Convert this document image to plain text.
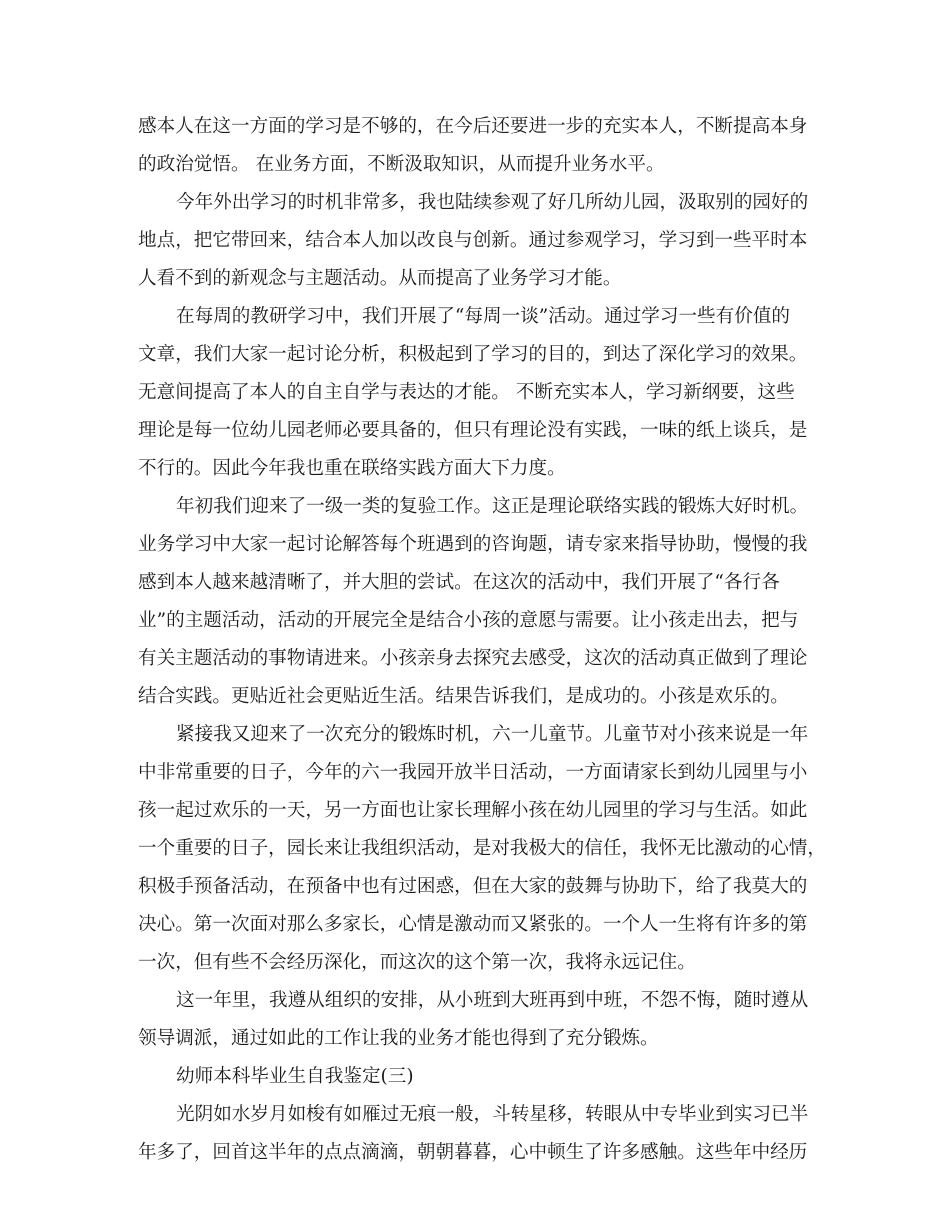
感本人在这一方面的学习是不够的，在今后还要进一步的充实本人，不断提高本身
的政治觉悟。 在业务方面，不断汲取知识，从而提升业务水平。
今年外出学习的时机非常多，我也陆续参观了好几所幼儿园，汲取别的园好的
地点，把它带回来，结合本人加以改良与创新。通过参观学习，学习到一些平时本
人看不到的新观念与主题活动。从而提高了业务学习才能。
在每周的教研学习中，我们开展了“每周一谈”活动。通过学习一些有价值的
文章，我们大家一起讨论分析，积极起到了学习的目的，到达了深化学习的效果。
无意间提高了本人的自主自学与表达的才能。 不断充实本人，学习新纲要，这些
理论是每一位幼儿园老师必要具备的，但只有理论没有实践，一味的纸上谈兵，是
不行的。因此今年我也重在联络实践方面大下力度。
年初我们迎来了一级一类的复验工作。这正是理论联络实践的锻炼大好时机。
业务学习中大家一起讨论解答每个班遇到的咨询题，请专家来指导协助，慢慢的我
感到本人越来越清晰了，并大胆的尝试。在这次的活动中，我们开展了“各行各
业”的主题活动，活动的开展完全是结合小孩的意愿与需要。让小孩走出去，把与
有关主题活动的事物请进来。小孩亲身去探究去感受，这次的活动真正做到了理论
结合实践。更贴近社会更贴近生活。结果告诉我们，是成功的。小孩是欢乐的。
紧接我又迎来了一次充分的锻炼时机，六一儿童节。儿童节对小孩来说是一年
中非常重要的日子，今年的六一我园开放半日活动，一方面请家长到幼儿园里与小
孩一起过欢乐的一天，另一方面也让家长理解小孩在幼儿园里的学习与生活。如此
一个重要的日子，园长来让我组织活动，是对我极大的信任，我怀无比激动的心情，
积极手预备活动，在预备中也有过困惑，但在大家的鼓舞与协助下，给了我莫大的
决心。第一次面对那么多家长，心情是激动而又紧张的。一个人一生将有许多的第
一次，但有些不会经历深化，而这次的这个第一次，我将永远记住。
这一年里，我遵从组织的安排，从小班到大班再到中班，不怨不悔，随时遵从
领导调派，通过如此的工作让我的业务才能也得到了充分锻炼。
幼师本科毕业生自我鉴定(三)
光阴如水岁月如梭有如雁过无痕一般，斗转星移，转眼从中专毕业到实习已半
年多了，回首这半年的点点滴滴，朝朝暮暮，心中顿生了许多感触。这些年中经历
